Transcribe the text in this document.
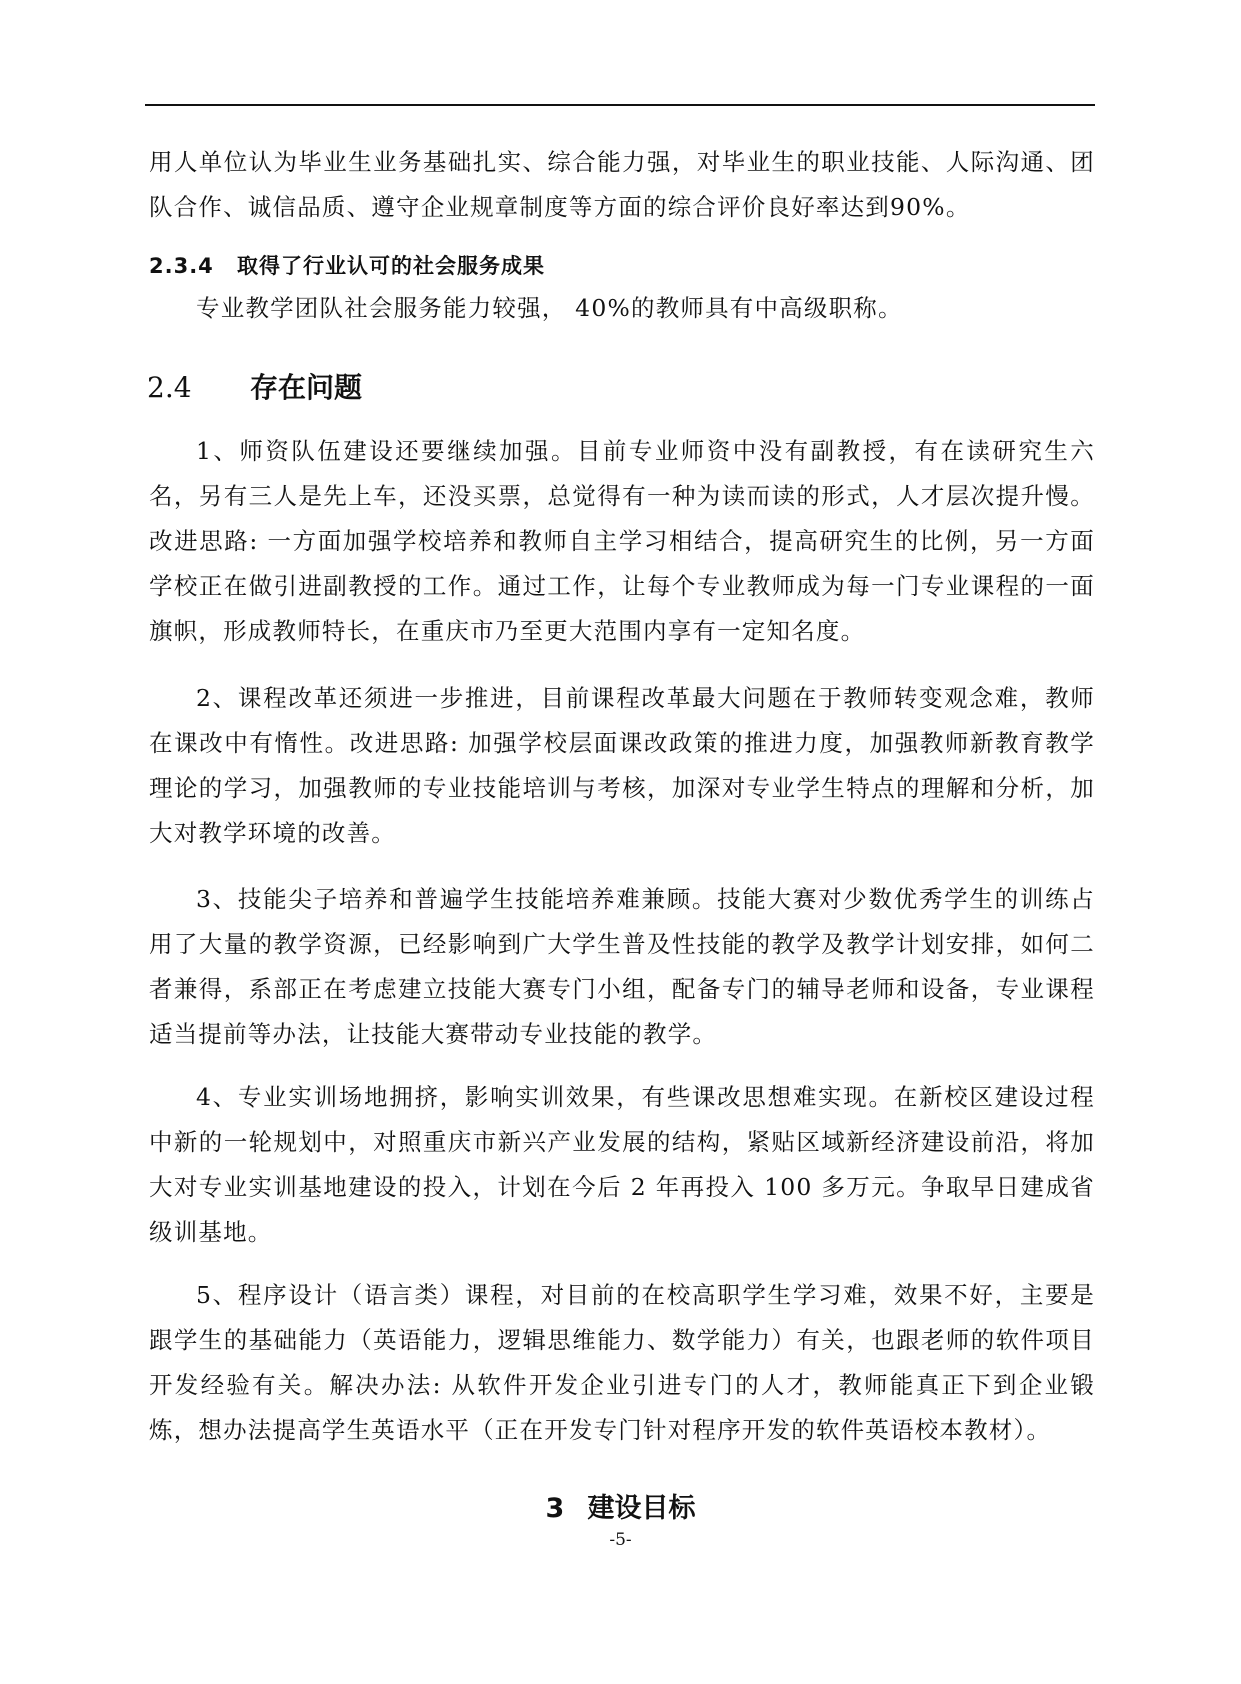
用人单位认为毕业生业务基础扎实、综合能力强，对毕业生的职业技能、人际沟通、团队合作、诚信品质、遵守企业规章制度等方面的综合评价良好率达到90%。

2.3.4 取得了行业认可的社会服务成果

专业教学团队社会服务能力较强， 40%的教师具有中高级职称。

2.4 存在问题

1、师资队伍建设还要继续加强。目前专业师资中没有副教授，有在读研究生六名，另有三人是先上车，还没买票，总觉得有一种为读而读的形式，人才层次提升慢。改进思路: 一方面加强学校培养和教师自主学习相结合，提高研究生的比例，另一方面学校正在做引进副教授的工作。通过工作，让每个专业教师成为每一门专业课程的一面旗帜，形成教师特长，在重庆市乃至更大范围内享有一定知名度。

2、课程改革还须进一步推进，目前课程改革最大问题在于教师转变观念难，教师在课改中有惰性。改进思路: 加强学校层面课改政策的推进力度，加强教师新教育教学理论的学习，加强教师的专业技能培训与考核，加深对专业学生特点的理解和分析，加大对教学环境的改善。

3、技能尖子培养和普遍学生技能培养难兼顾。技能大赛对少数优秀学生的训练占用了大量的教学资源，已经影响到广大学生普及性技能的教学及教学计划安排，如何二者兼得，系部正在考虑建立技能大赛专门小组，配备专门的辅导老师和设备，专业课程适当提前等办法，让技能大赛带动专业技能的教学。

4、专业实训场地拥挤，影响实训效果，有些课改思想难实现。在新校区建设过程中新的一轮规划中，对照重庆市新兴产业发展的结构，紧贴区域新经济建设前沿，将加大对专业实训基地建设的投入，计划在今后 2 年再投入 100 多万元。争取早日建成省级训基地。

5、程序设计（语言类）课程，对目前的在校高职学生学习难，效果不好，主要是跟学生的基础能力（英语能力，逻辑思维能力、数学能力）有关，也跟老师的软件项目开发经验有关。解决办法: 从软件开发企业引进专门的人才，教师能真正下到企业锻炼，想办法提高学生英语水平（正在开发专门针对程序开发的软件英语校本教材）。

3 建设目标
-5-
